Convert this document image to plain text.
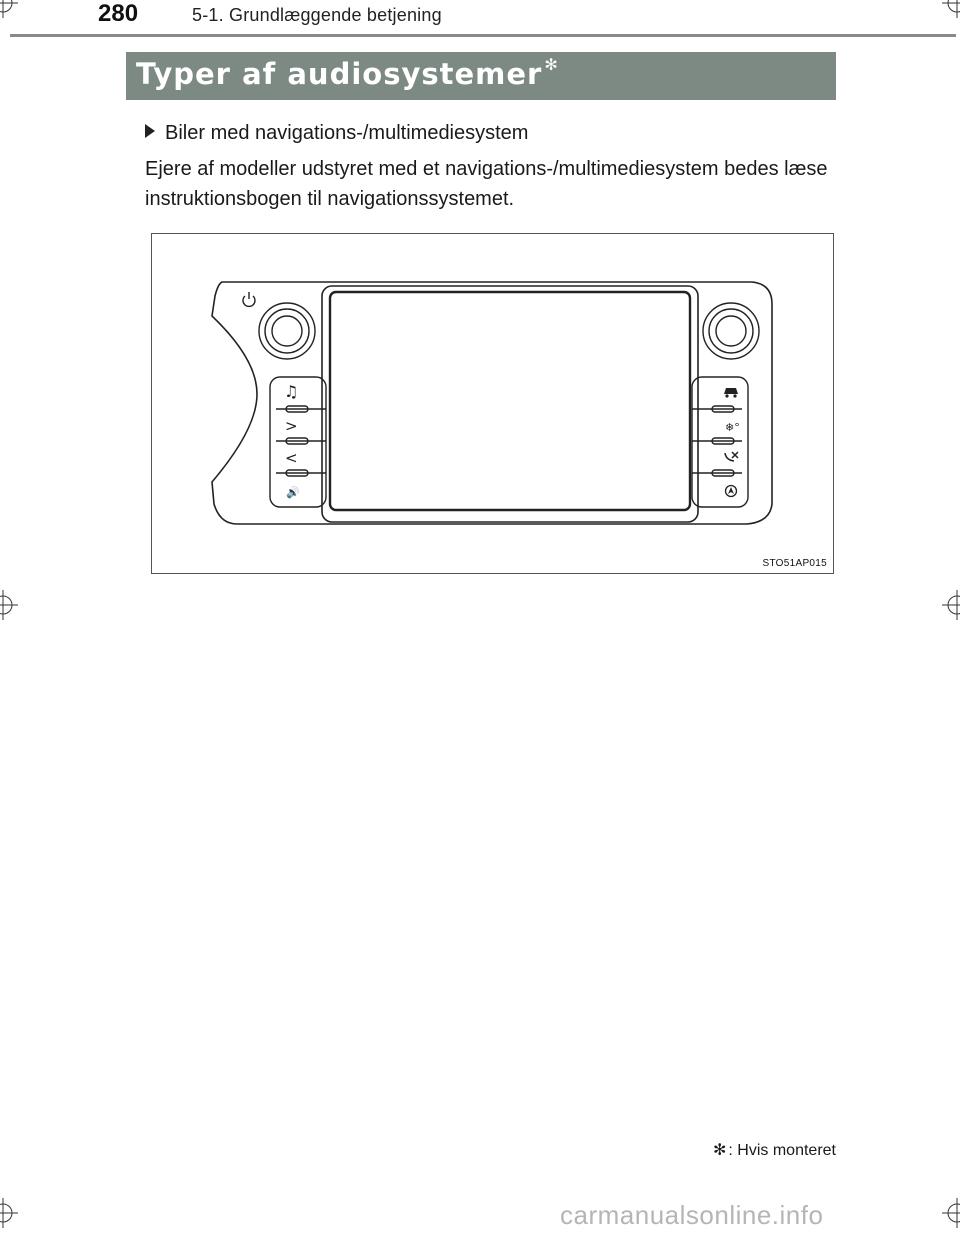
280	5-1. Grundlæggende betjening
Typer af audiosystemer ✻
Biler med navigations-/multimediesystem
Ejere af modeller udstyret med et navigations-/multimediesystem bedes læse instruktionsbogen til navigationssystemet.
♫
>
<
🔊
❄°
STO51AP015
✻ : Hvis monteret
carmanualsonline.info
